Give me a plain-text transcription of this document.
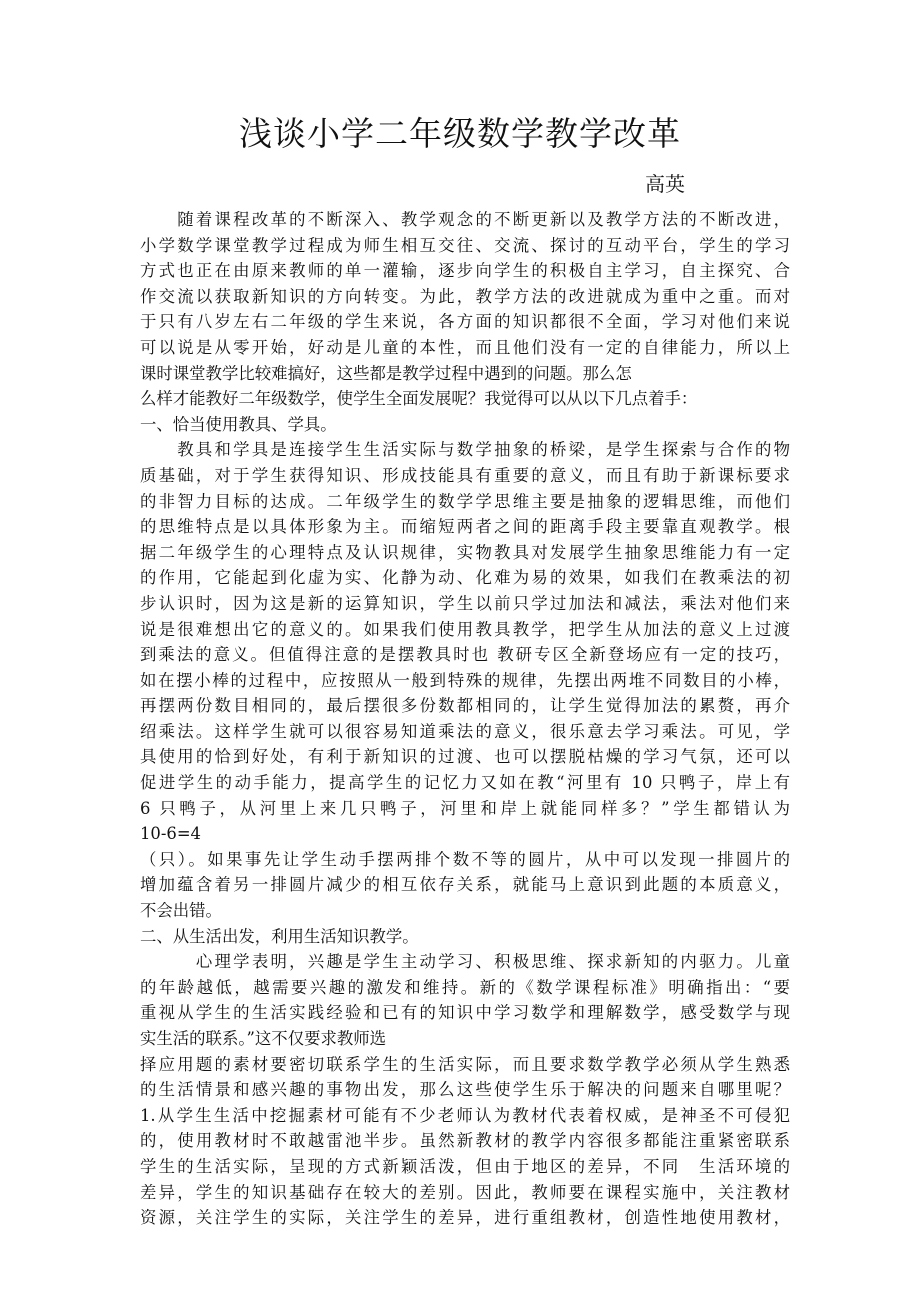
浅谈小学二年级数学教学改革
高英
　　随着课程改革的不断深入、教学观念的不断更新以及教学方法的不断改进，
小学数学课堂教学过程成为师生相互交往、交流、探讨的互动平台，学生的学习
方式也正在由原来教师的单一灌输，逐步向学生的积极自主学习，自主探究、合
作交流以获取新知识的方向转变。为此，教学方法的改进就成为重中之重。而对
于只有八岁左右二年级的学生来说，各方面的知识都很不全面，学习对他们来说
可以说是从零开始，好动是儿童的本性，而且他们没有一定的自律能力，所以上
课时课堂教学比较难搞好，这些都是教学过程中遇到的问题。那么怎
么样才能教好二年级数学，使学生全面发展呢？我觉得可以从以下几点着手：
一、恰当使用教具、学具。
　　教具和学具是连接学生生活实际与数学抽象的桥梁，是学生探索与合作的物
质基础，对于学生获得知识、形成技能具有重要的意义，而且有助于新课标要求
的非智力目标的达成。二年级学生的数学学思维主要是抽象的逻辑思维，而他们
的思维特点是以具体形象为主。而缩短两者之间的距离手段主要靠直观教学。根
据二年级学生的心理特点及认识规律，实物教具对发展学生抽象思维能力有一定
的作用，它能起到化虚为实、化静为动、化难为易的效果，如我们在教乘法的初
步认识时，因为这是新的运算知识，学生以前只学过加法和减法，乘法对他们来
说是很难想出它的意义的。如果我们使用教具教学，把学生从加法的意义上过渡
到乘法的意义。但值得注意的是摆教具时也 教研专区全新登场应有一定的技巧，
如在摆小棒的过程中，应按照从一般到特殊的规律，先摆出两堆不同数目的小棒，
再摆两份数目相同的，最后摆很多份数都相同的，让学生觉得加法的累赘，再介
绍乘法。这样学生就可以很容易知道乘法的意义，很乐意去学习乘法。可见，学
具使用的恰到好处，有利于新知识的过渡、也可以摆脱枯燥的学习气氛，还可以
促进学生的动手能力，提高学生的记忆力又如在教“河里有 10 只鸭子，岸上有
6 只鸭子，从河里上来几只鸭子，河里和岸上就能同样多？”学生都错认为
10-6=4
（只）。如果事先让学生动手摆两排个数不等的圆片，从中可以发现一排圆片的
增加蕴含着另一排圆片减少的相互依存关系，就能马上意识到此题的本质意义，
不会出错。
二、从生活出发，利用生活知识教学。
　　　心理学表明，兴趣是学生主动学习、积极思维、探求新知的内驱力。儿童
的年龄越低，越需要兴趣的激发和维持。新的《数学课程标准》明确指出：“要
重视从学生的生活实践经验和已有的知识中学习数学和理解数学，感受数学与现
实生活的联系。”这不仅要求教师选
择应用题的素材要密切联系学生的生活实际，而且要求数学教学必须从学生熟悉
的生活情景和感兴趣的事物出发，那么这些使学生乐于解决的问题来自哪里呢？
1.从学生生活中挖掘素材可能有不少老师认为教材代表着权威，是神圣不可侵犯
的，使用教材时不敢越雷池半步。虽然新教材的教学内容很多都能注重紧密联系
学生的生活实际，呈现的方式新颖活泼，但由于地区的差异，不同　生活环境的
差异，学生的知识基础存在较大的差别。因此，教师要在课程实施中，关注教材
资源，关注学生的实际，关注学生的差异，进行重组教材，创造性地使用教材，
